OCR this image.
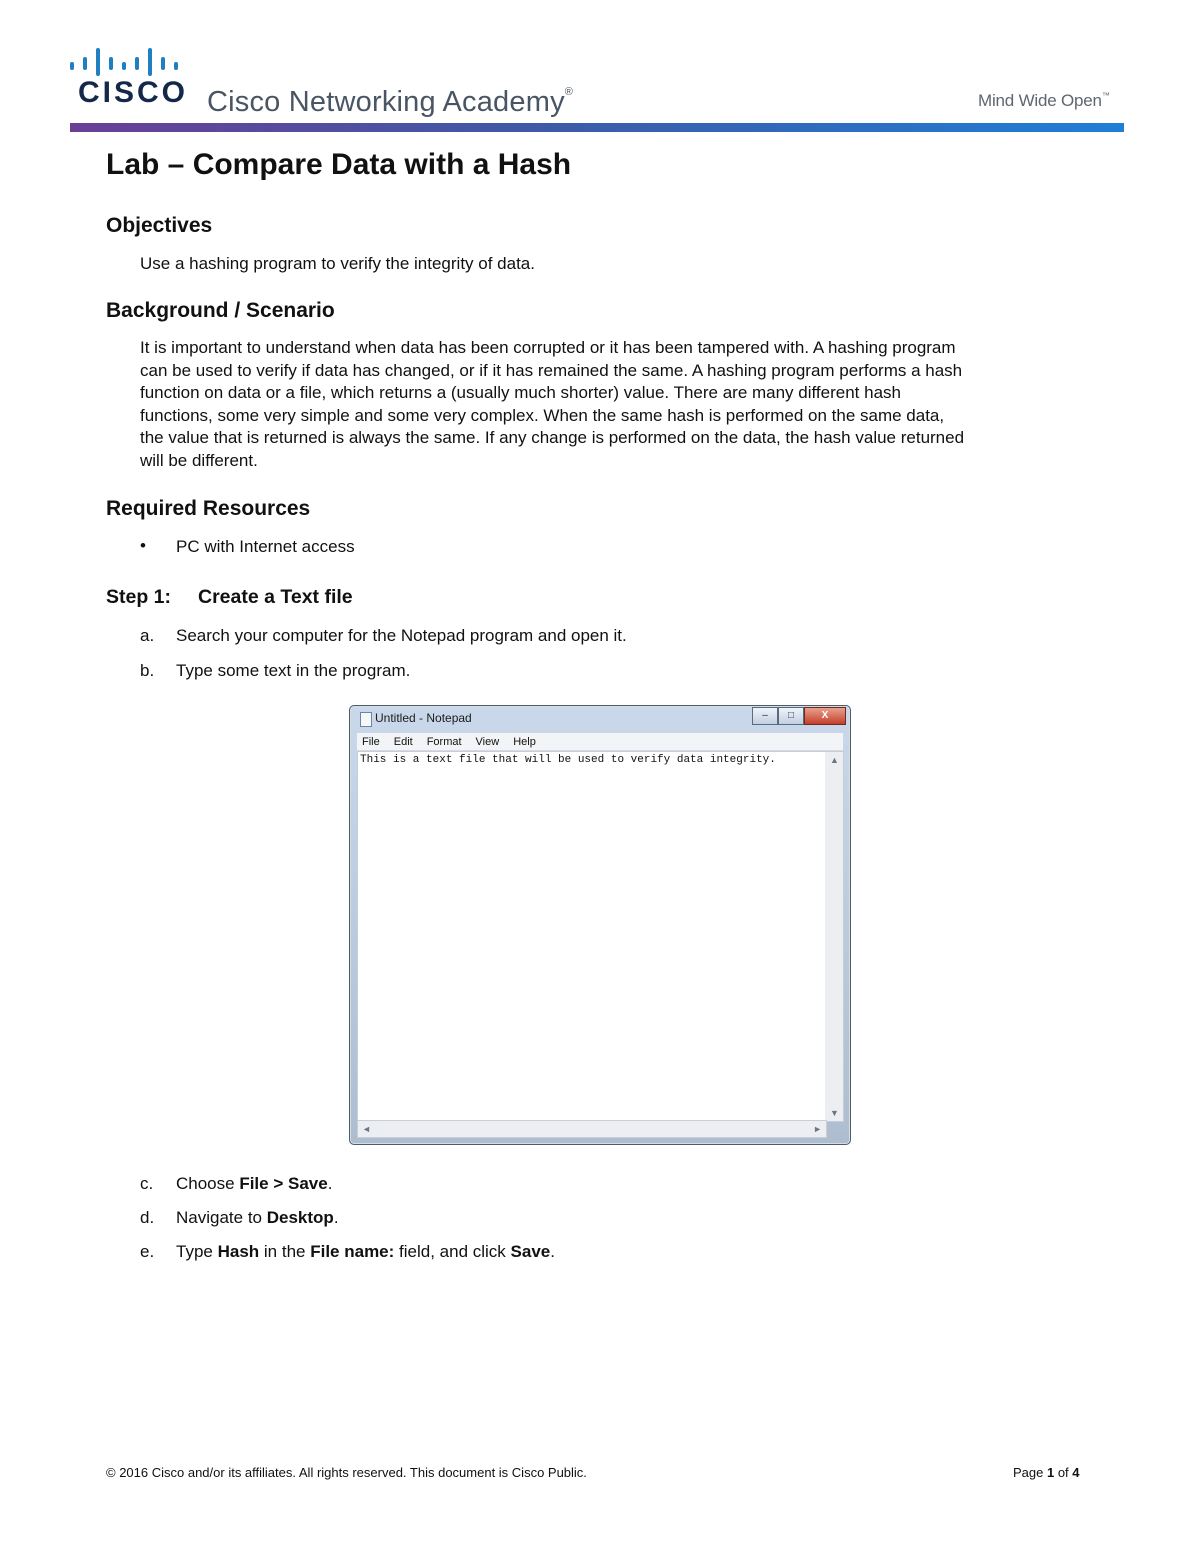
CISCO Cisco Networking Academy®	Mind Wide Open™
Lab – Compare Data with a Hash
Objectives
Use a hashing program to verify the integrity of data.
Background / Scenario
It is important to understand when data has been corrupted or it has been tampered with. A hashing program
can be used to verify if data has changed, or if it has remained the same. A hashing program performs a hash
function on data or a file, which returns a (usually much shorter) value. There are many different hash
functions, some very simple and some very complex. When the same hash is performed on the same data,
the value that is returned is always the same. If any change is performed on the data, the hash value returned
will be different.
Required Resources
• PC with Internet access
Step 1: Create a Text file
a. Search your computer for the Notepad program and open it.
b. Type some text in the program.
Untitled - Notepad	–	□	X
File Edit Format View Help
This is a text file that will be used to verify data integrity.	▲
▼
◄	►
c. Choose File > Save.
d. Navigate to Desktop.
e. Type Hash in the File name: field, and click Save.
© 2016 Cisco and/or its affiliates. All rights reserved. This document is Cisco Public.	Page 1 of 4
